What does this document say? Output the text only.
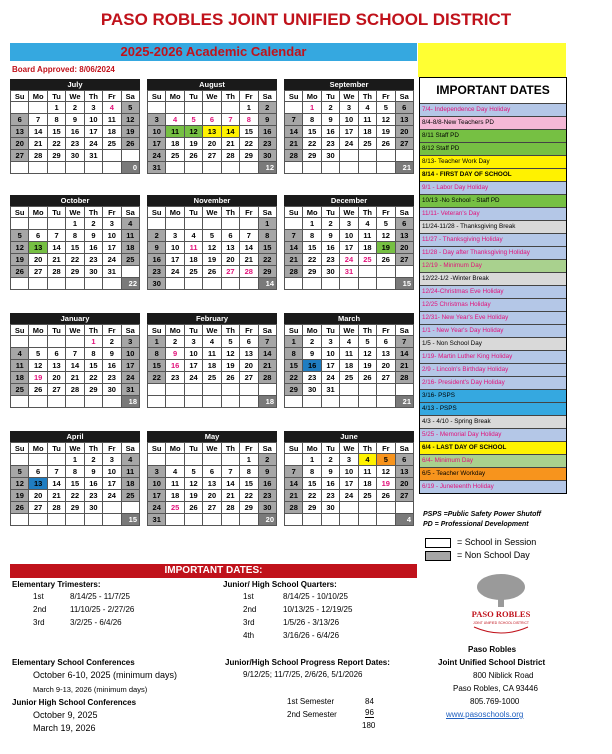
PASO ROBLES JOINT UNIFIED SCHOOL DISTRICT
2025-2026 Academic Calendar
Board Approved: 8/06/2024
July
Su	Mo	Tu	We	Th	Fr	Sa
		1	2	3	4	5
6	7	8	9	10	11	12
13	14	15	16	17	18	19
20	21	22	23	24	25	26
27	28	29	30	31		
						0
August
Su	Mo	Tu	We	Th	Fr	Sa
					1	2
3	4	5	6	7	8	9
10	11	12	13	14	15	16
17	18	19	20	21	22	23
24	25	26	27	28	29	30
31						12
September
Su	Mo	Tu	We	Th	Fr	Sa
	1	2	3	4	5	6
7	8	9	10	11	12	13
14	15	16	17	18	19	20
21	22	23	24	25	26	27
28	29	30				
						21
October
Su	Mo	Tu	We	Th	Fr	Sa
			1	2	3	4
5	6	7	8	9	10	11
12	13	14	15	16	17	18
19	20	21	22	23	24	25
26	27	28	29	30	31	
						22
November
Su	Mo	Tu	We	Th	Fr	Sa
						1
2	3	4	5	6	7	8
9	10	11	12	13	14	15
16	17	18	19	20	21	22
23	24	25	26	27	28	29
30						14
December
Su	Mo	Tu	We	Th	Fr	Sa
	1	2	3	4	5	6
7	8	9	10	11	12	13
14	15	16	17	18	19	20
21	22	23	24	25	26	27
28	29	30	31			
						15
January
Su	Mo	Tu	We	Th	Fr	Sa
				1	2	3
4	5	6	7	8	9	10
11	12	13	14	15	16	17
18	19	20	21	22	23	24
25	26	27	28	29	30	31
						18
February
Su	Mo	Tu	We	Th	Fr	Sa
1	2	3	4	5	6	7
8	9	10	11	12	13	14
15	16	17	18	19	20	21
22	23	24	25	26	27	28

						18
March
Su	Mo	Tu	We	Th	Fr	Sa
1	2	3	4	5	6	7
8	9	10	11	12	13	14
15	16	17	18	19	20	21
22	23	24	25	26	27	28
29	30	31				
						21
April
Su	Mo	Tu	We	Th	Fr	Sa
			1	2	3	4
5	6	7	8	9	10	11
12	13	14	15	16	17	18
19	20	21	22	23	24	25
26	27	28	29	30		
						15
May
Su	Mo	Tu	We	Th	Fr	Sa
					1	2
3	4	5	6	7	8	9
10	11	12	13	14	15	16
17	18	19	20	21	22	23
24	25	26	27	28	29	30
31						20
June
Su	Mo	Tu	We	Th	Fr	Sa
	1	2	3	4	5	6
7	8	9	10	11	12	13
14	15	16	17	18	19	20
21	22	23	24	25	26	27
28	29	30				
						4
IMPORTANT DATES
7/4- Independence Day Holiday
8/4-8/8-New Teachers PD
8/11 Staff PD
8/12 Staff PD
8/13- Teacher Work Day
8/14 - FIRST DAY OF SCHOOL
9/1 - Labor Day Holiday
10/13 -No School - Staff PD
11/11- Veteran's Day
11/24-11/28 - Thanksgiving Break
11/27 - Thanksgiving Holiday
11/28 - Day after Thanksgiving Holiday
12/19 - Minimum Day
12/22-1/2 -Winter Break
12/24-Christmas Eve Holiday
12/25 Christmas Holiday
12/31- New Year's Eve Holiday
1/1 - New Year's Day Holiday
1/5 - Non School Day
1/19- Martin Luther King Holiday
2/9 - Lincoln's Birthday Holiday
2/16- President's Day Holiday
3/16- PSPS
4/13 - PSPS
4/3 - 4/10 - Spring Break
5/25 - Memorial Day Holiday
6/4 - LAST DAY OF SCHOOL
6/4- Minimum Day
6/5 - Teacher Workday
6/19 - Juneteenth Holiday
PSPS =Public Safety Power Shutoff
PD = Professional Development
= School in Session
= Non School Day
IMPORTANT DATES:
Elementary Trimesters:
1st	8/14/25 - 11/7/25
2nd	11/10/25 - 2/27/26
3rd	3/2/25 - 6/4/26
Junior/ High School Quarters:
1st	8/14/25 - 10/10/25
2nd	10/13/25 - 12/19/25
3rd	1/5/26 - 3/13/26
4th	3/16/26 - 6/4/26
Elementary School Conferences
October 6-10, 2025 (minimum days)
March 9-13, 2026 (minimum days)
Junior/High School Progress Report Dates:
9/12/25; 11/7/25, 2/6/26, 5/1/2026
Junior High School Conferences
October 9, 2025
March 19, 2026
1st Semester	84
2nd Semester	96
180
PASO ROBLES
JOINT UNIFIED SCHOOL DISTRICT
Paso Robles
Joint Unified School District
800 Niblick Road
Paso Robles, CA 93446
805.769-1000
www.pasoschools.org
